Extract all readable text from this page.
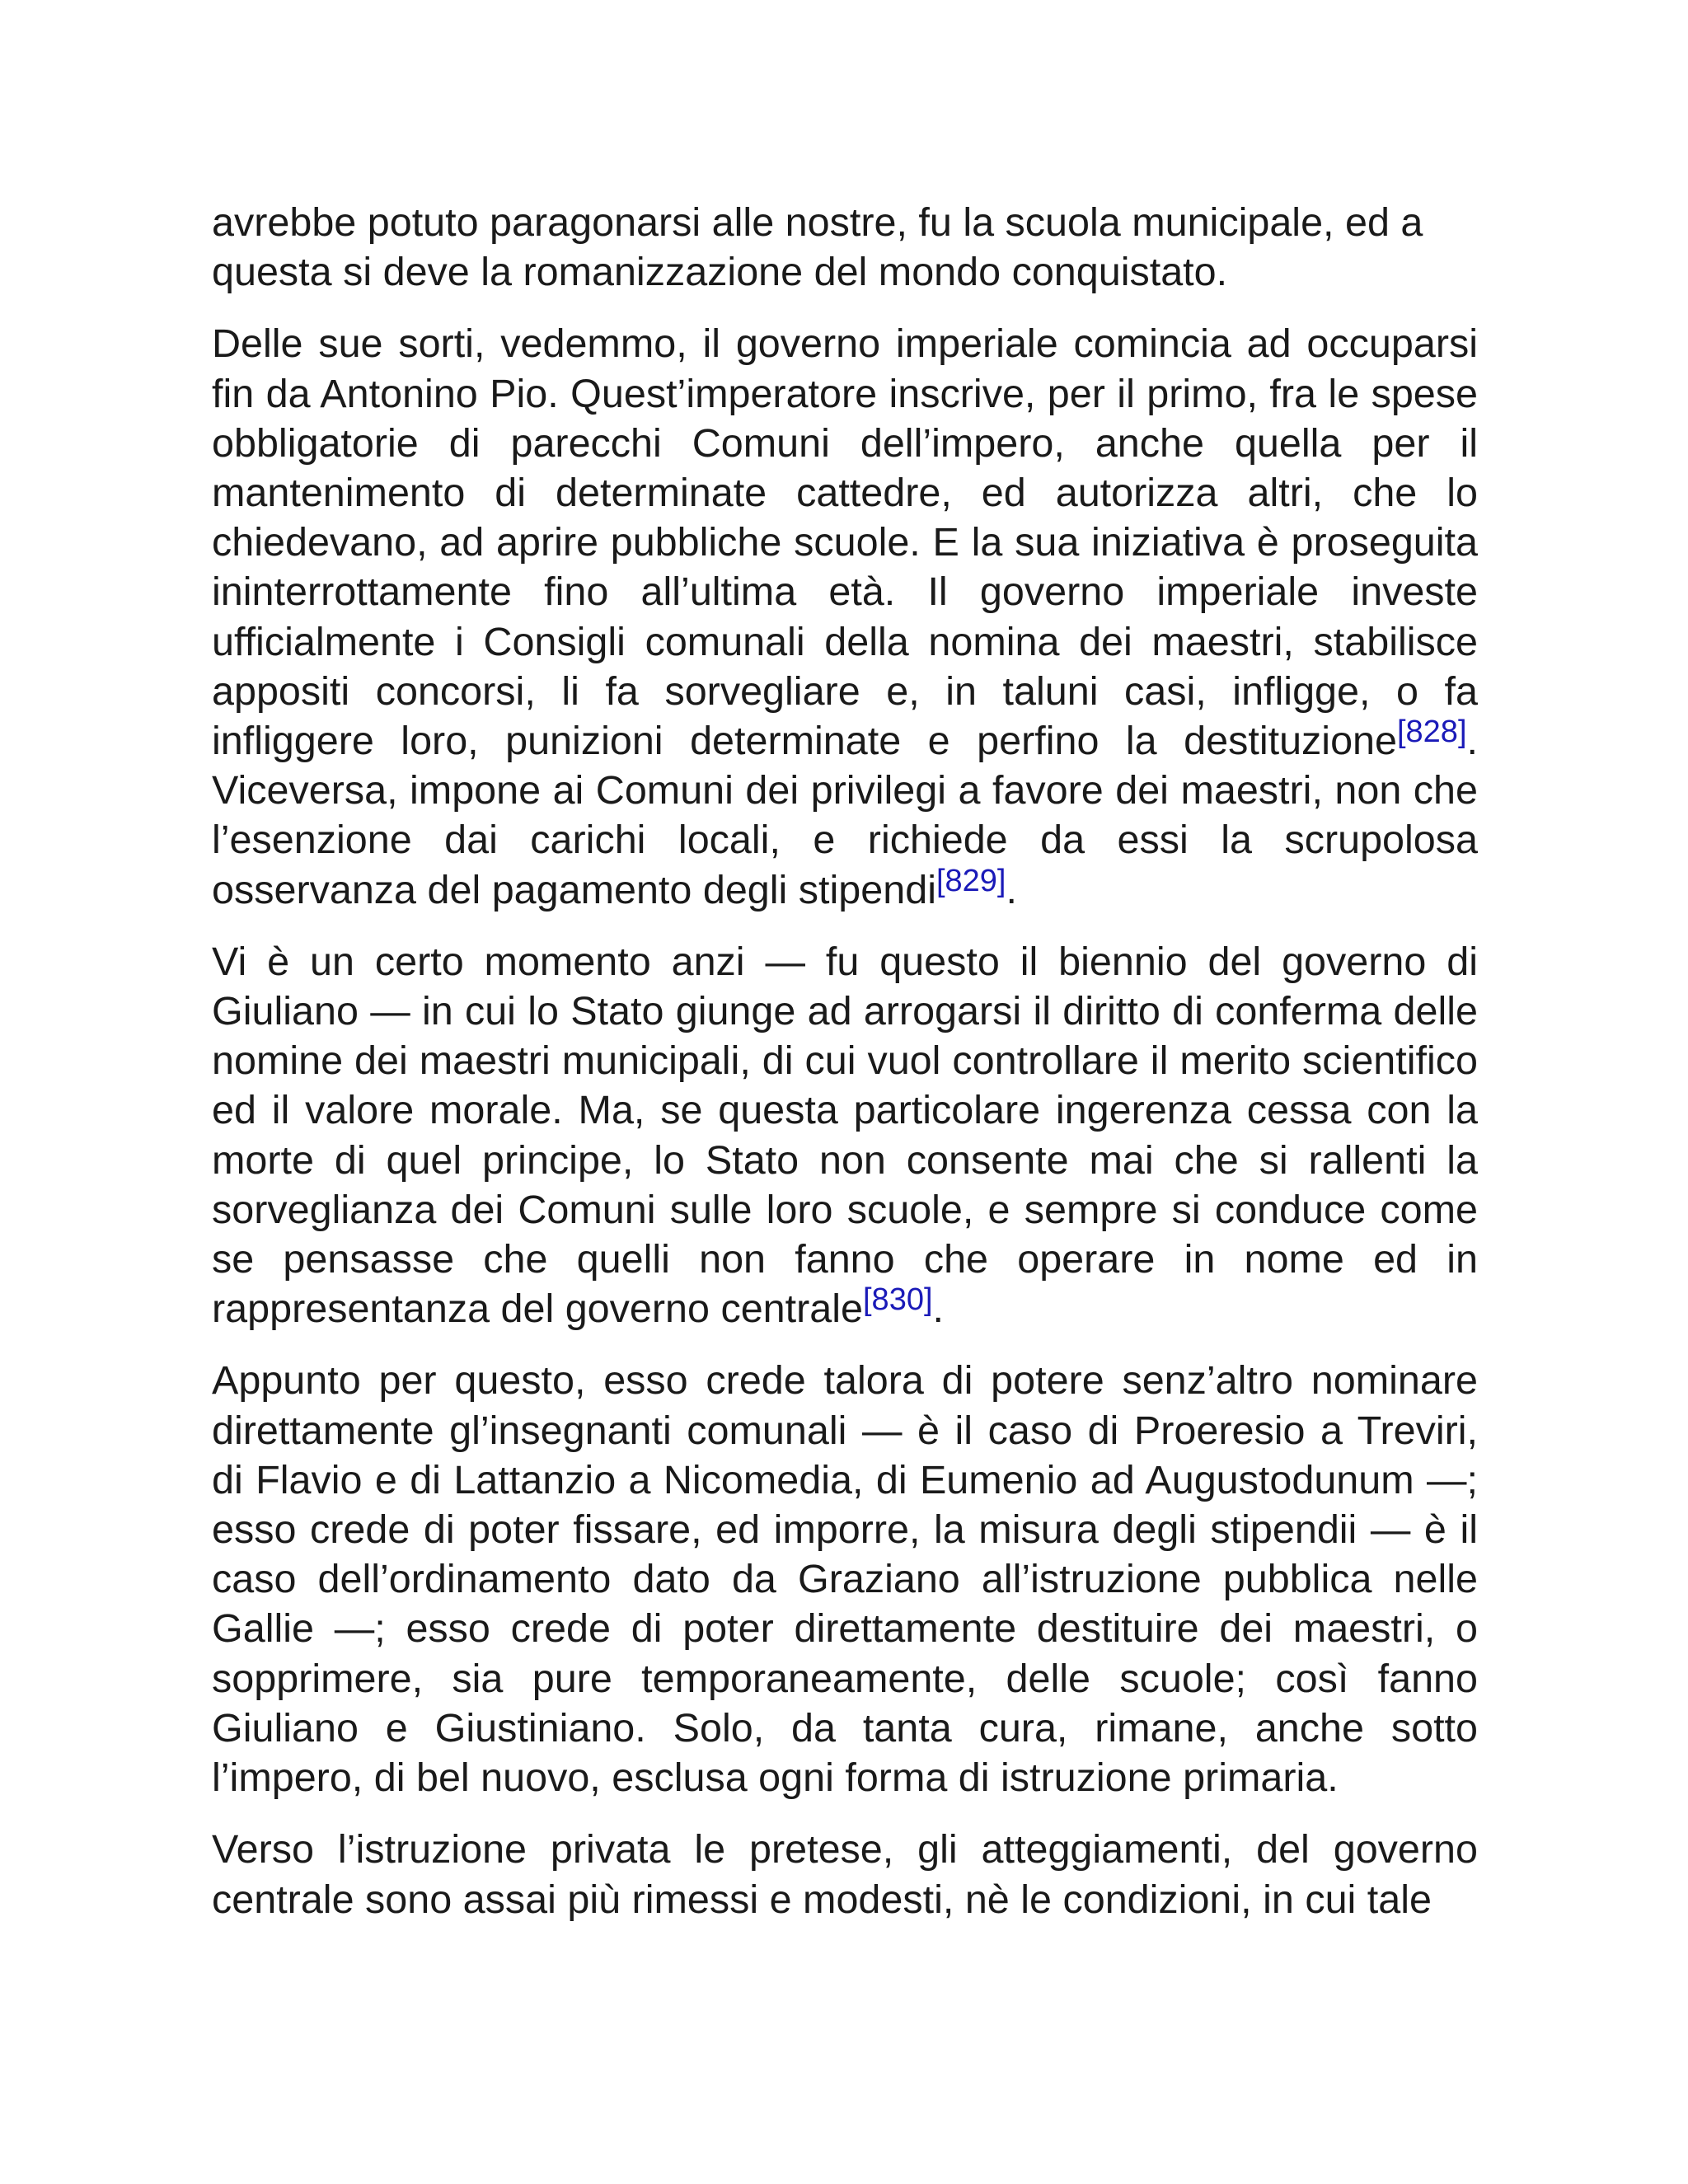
avrebbe potuto paragonarsi alle nostre, fu la scuola municipale, ed a questa si deve la romanizzazione del mondo conquistato.

Delle sue sorti, vedemmo, il governo imperiale comincia ad occuparsi fin da Antonino Pio. Quest’imperatore inscrive, per il primo, fra le spese obbligatorie di parecchi Comuni dell’impero, anche quella per il mantenimento di determinate cattedre, ed autorizza altri, che lo chiedevano, ad aprire pubbliche scuole. E la sua iniziativa è proseguita ininterrottamente fino all’ultima età. Il governo imperiale investe ufficialmente i Consigli comunali della nomina dei maestri, stabilisce appositi concorsi, li fa sorvegliare e, in taluni casi, infligge, o fa infliggere loro, punizioni determinate e perfino la destituzione[828]. Viceversa, impone ai Comuni dei privilegi a favore dei maestri, non che l’esenzione dai carichi locali, e richiede da essi la scrupolosa osservanza del pagamento degli stipendi[829].

Vi è un certo momento anzi — fu questo il biennio del governo di Giuliano — in cui lo Stato giunge ad arrogarsi il diritto di conferma delle nomine dei maestri municipali, di cui vuol controllare il merito scientifico ed il valore morale. Ma, se questa particolare ingerenza cessa con la morte di quel principe, lo Stato non consente mai che si rallenti la sorveglianza dei Comuni sulle loro scuole, e sempre si conduce come se pensasse che quelli non fanno che operare in nome ed in rappresentanza del governo centrale[830].

Appunto per questo, esso crede talora di potere senz’altro nominare direttamente gl’insegnanti comunali — è il caso di Proeresio a Treviri, di Flavio e di Lattanzio a Nicomedia, di Eumenio ad Augustodunum —; esso crede di poter fissare, ed imporre, la misura degli stipendii — è il caso dell’ordinamento dato da Graziano all’istruzione pubblica nelle Gallie —; esso crede di poter direttamente destituire dei maestri, o sopprimere, sia pure temporaneamente, delle scuole; così fanno Giuliano e Giustiniano. Solo, da tanta cura, rimane, anche sotto l’impero, di bel nuovo, esclusa ogni forma di istruzione primaria.

Verso l’istruzione privata le pretese, gli atteggiamenti, del governo centrale sono assai più rimessi e modesti, nè le condizioni, in cui tale
